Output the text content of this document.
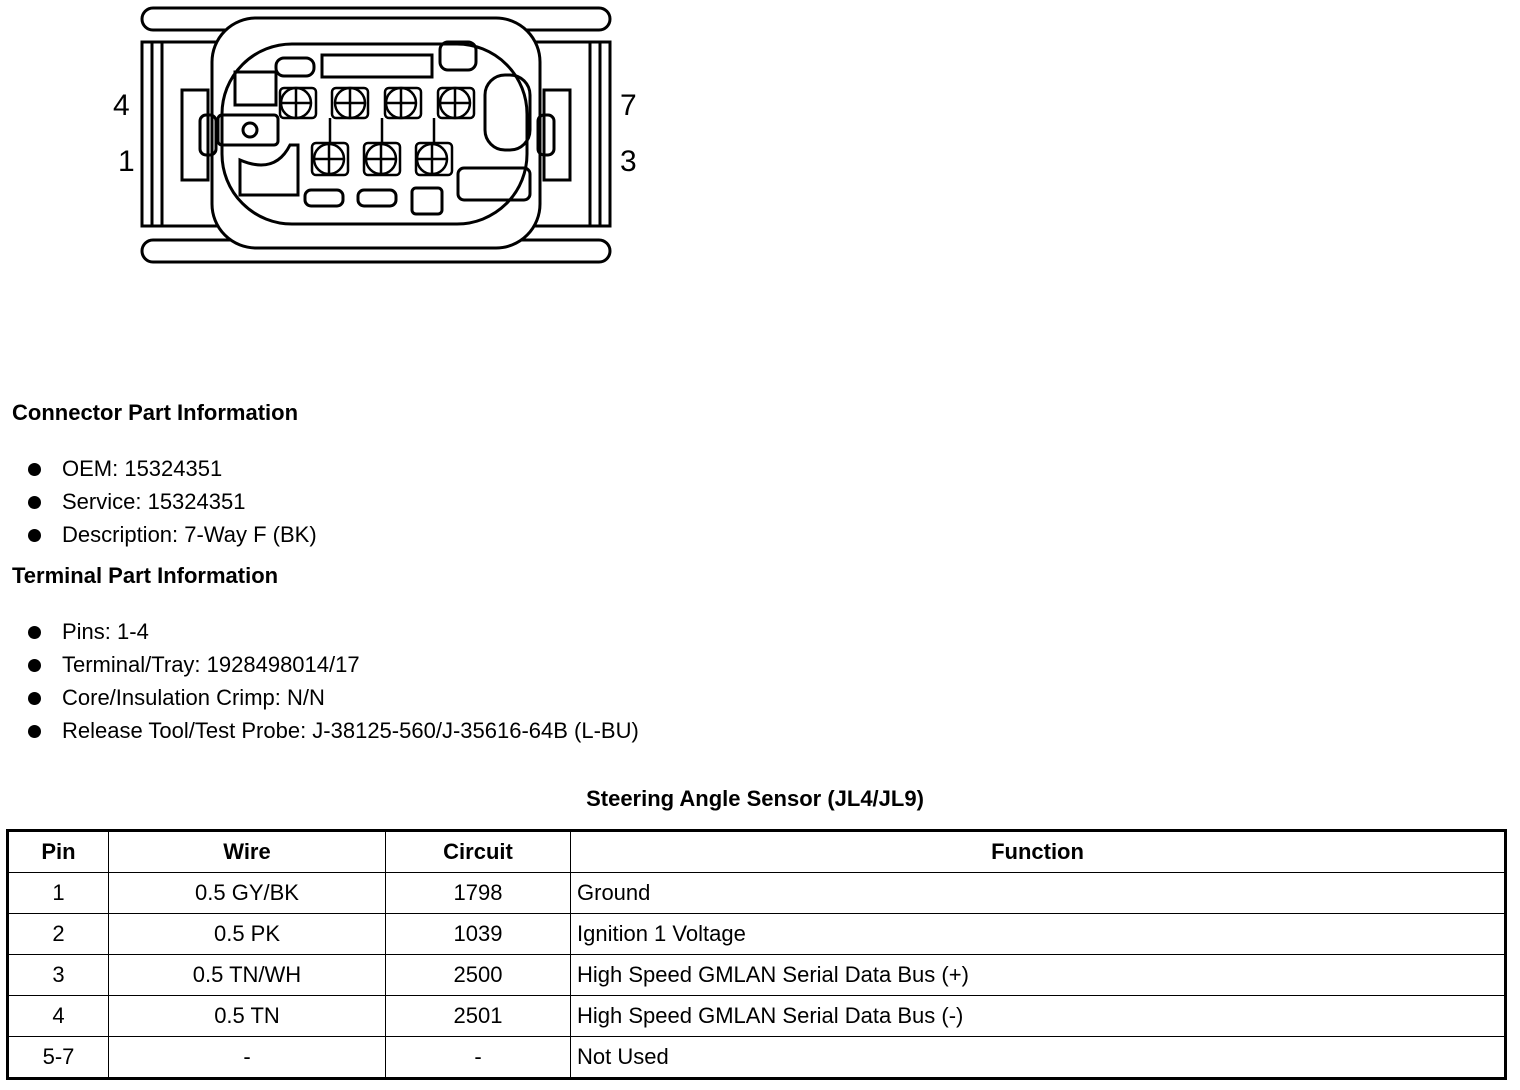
4
1
7
3
Connector Part Information
OEM: 15324351
Service: 15324351
Description: 7-Way F (BK)
Terminal Part Information
Pins: 1-4
Terminal/Tray: 1928498014/17
Core/Insulation Crimp: N/N
Release Tool/Test Probe: J-38125-560/J-35616-64B (L-BU)
Steering Angle Sensor (JL4/JL9)
Pin	Wire	Circuit	Function
1	0.5 GY/BK	1798	Ground
2	0.5 PK	1039	Ignition 1 Voltage
3	0.5 TN/WH	2500	High Speed GMLAN Serial Data Bus (+)
4	0.5 TN	2501	High Speed GMLAN Serial Data Bus (-)
5-7	-	-	Not Used
